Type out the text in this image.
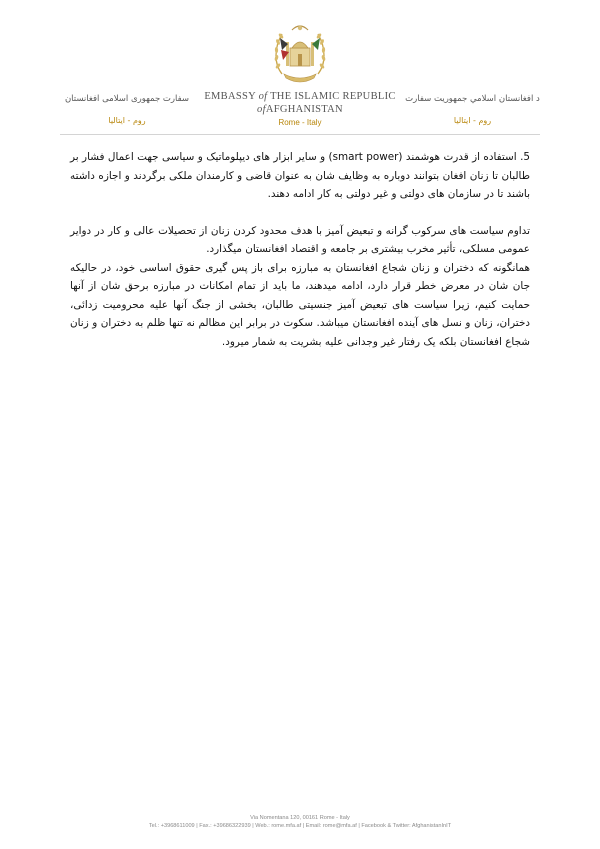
سفارت جمهوری اسلامی افغانستان
روم - ایتالیا
EMBASSY of THE ISLAMIC REPUBLIC
ofAFGHANISTAN
Rome - Italy
د افغانستان اسلامي جمهوریت سفارت
روم - ایتالیا

5. استفاده از قدرت هوشمند (smart power) و سایر ابزار های دیپلوماتیک و سیاسی جهت اعمال فشار بر طالبان تا زنان افغان بتوانند دوباره به وظایف شان به عنوان قاضی و کارمندان ملکی برگردند و اجازه داشته باشند تا در سازمان های دولتی و غیر دولتی به کار ادامه دهند.

تداوم سیاست های سرکوب گرانه و تبعیض آمیز با هدف محدود کردن زنان از تحصیلات عالی و کار در دوایر عمومی مسلکی، تأثیر مخرب بیشتری بر جامعه و اقتصاد افغانستان میگذارد.

همانگونه که دختران و زنان شجاع افغانستان به مبارزه برای باز پس گیری حقوق اساسی خود، در حالیکه جان شان در معرض خطر قرار دارد، ادامه میدهند، ما باید از تمام امکانات در مبارزه برحق شان از آنها حمایت کنیم، زیرا سیاست های تبعیض آمیز جنسیتی طالبان، بخشی از جنگ آنها علیه محرومیت زدائی، دختران، زنان و نسل های آینده افغانستان میباشد. سکوت در برابر این مظالم نه تنها ظلم به دختران و زنان شجاع افغانستان بلکه یک رفتار غیر وجدانی علیه بشریت به شمار میرود.

Via Nomentana 120, 00161 Rome - Italy
Tel.: +3968611009 | Fax.: +39686322939 | Web.: rome.mfa.af | Email: rome@mfa.af | Facebook & Twitter: AfghanistanInIT
